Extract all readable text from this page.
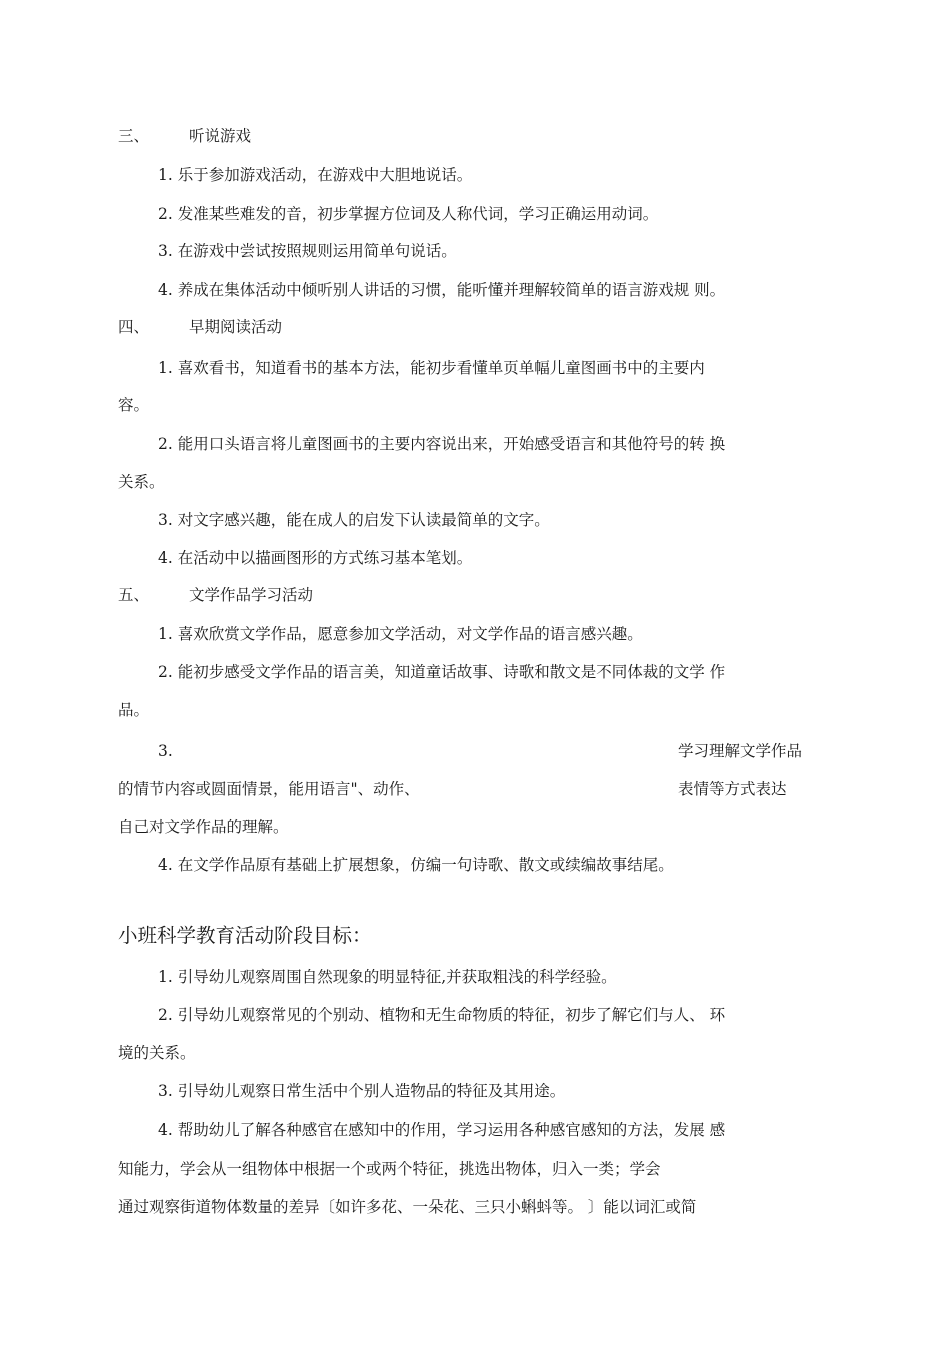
三、	听说游戏
1. 乐于参加游戏活动，在游戏中大胆地说话。
2. 发准某些难发的音，初步掌握方位词及人称代词，学习正确运用动词。
3. 在游戏中尝试按照规则运用简单句说话。
4. 养成在集体活动中倾听别人讲话的习惯，能听懂并理解较简单的语言游戏规 则。
四、	早期阅读活动
1. 喜欢看书，知道看书的基本方法，能初步看懂单页单幅儿童图画书中的主要内
容。
2. 能用口头语言将儿童图画书的主要内容说出来，开始感受语言和其他符号的转 换
关系。
3. 对文字感兴趣，能在成人的启发下认读最简单的文字。
4. 在活动中以描画图形的方式练习基本笔划。
五、	文学作品学习活动
1. 喜欢欣赏文学作品，愿意参加文学活动，对文学作品的语言感兴趣。
2. 能初步感受文学作品的语言美，知道童话故事、诗歌和散文是不同体裁的文学 作
品。
3.	学习理解文学作品
的情节内容或圆面情景，能用语言"、动作、	表情等方式表达
自己对文学作品的理解。
4. 在文学作品原有基础上扩展想象，仿编一句诗歌、散文或续编故事结尾。
小班科学教育活动阶段目标：
1. 引导幼儿观察周围自然现象的明显特征,并获取粗浅的科学经验。
2. 引导幼儿观察常见的个别动、植物和无生命物质的特征，初步了解它们与人、 环
境的关系。
3. 引导幼儿观察日常生活中个别人造物品的特征及其用途。
4. 帮助幼儿了解各种感官在感知中的作用，学习运用各种感官感知的方法，发展 感
知能力，学会从一组物体中根据一个或两个特征，挑选出物体，归入一类；学会
通过观察街道物体数量的差异〔如许多花、一朵花、三只小蝌蚪等。 〕能以词汇或简
